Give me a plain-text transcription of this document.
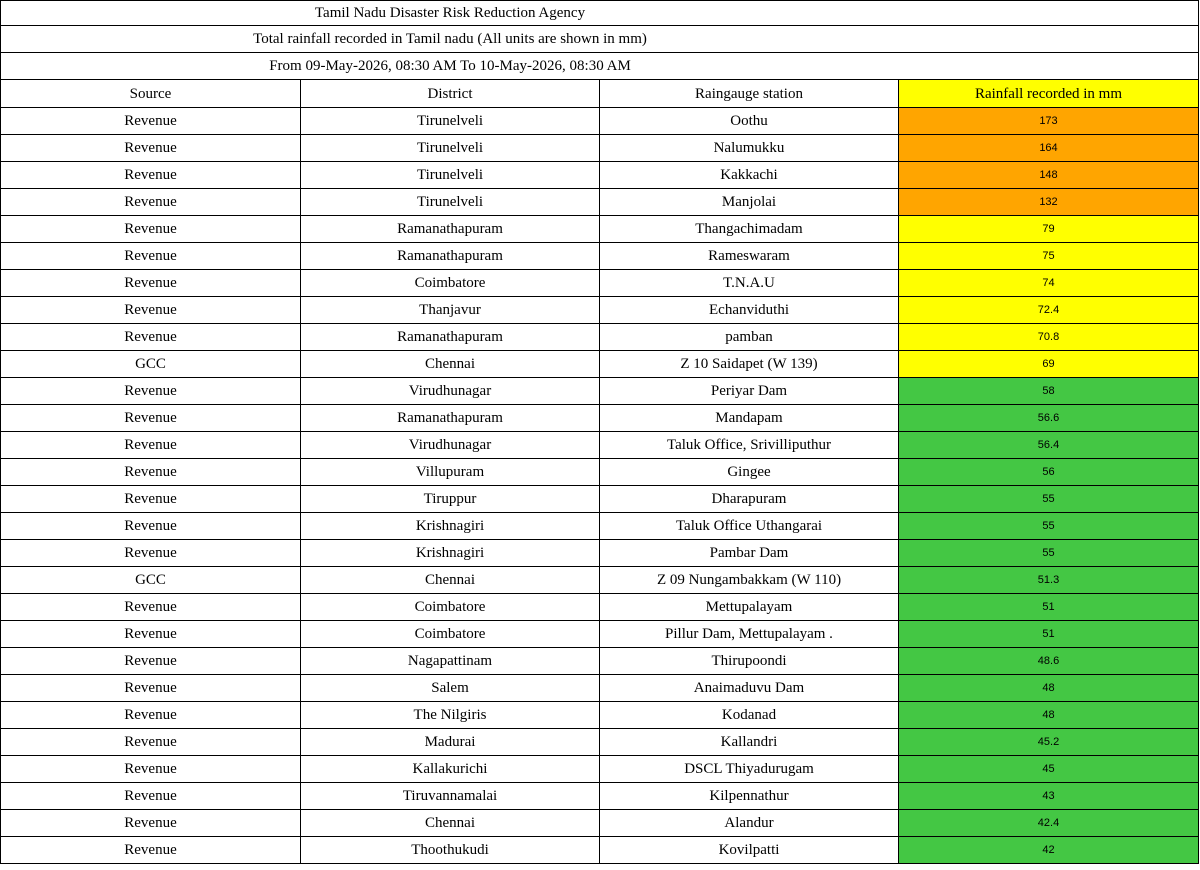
Tamil Nadu Disaster Risk Reduction Agency
Total rainfall recorded in Tamil nadu (All units are shown in mm)
From 09-May-2026, 08:30 AM To 10-May-2026, 08:30 AM
Source	District	Raingauge station	Rainfall recorded in mm
Revenue	Tirunelveli	Oothu	173
Revenue	Tirunelveli	Nalumukku	164
Revenue	Tirunelveli	Kakkachi	148
Revenue	Tirunelveli	Manjolai	132
Revenue	Ramanathapuram	Thangachimadam	79
Revenue	Ramanathapuram	Rameswaram	75
Revenue	Coimbatore	T.N.A.U	74
Revenue	Thanjavur	Echanviduthi	72.4
Revenue	Ramanathapuram	pamban	70.8
GCC	Chennai	Z 10 Saidapet (W 139)	69
Revenue	Virudhunagar	Periyar Dam	58
Revenue	Ramanathapuram	Mandapam	56.6
Revenue	Virudhunagar	Taluk Office, Srivilliputhur	56.4
Revenue	Villupuram	Gingee	56
Revenue	Tiruppur	Dharapuram	55
Revenue	Krishnagiri	Taluk Office Uthangarai	55
Revenue	Krishnagiri	Pambar Dam	55
GCC	Chennai	Z 09 Nungambakkam (W 110)	51.3
Revenue	Coimbatore	Mettupalayam	51
Revenue	Coimbatore	Pillur Dam, Mettupalayam .	51
Revenue	Nagapattinam	Thirupoondi	48.6
Revenue	Salem	Anaimaduvu Dam	48
Revenue	The Nilgiris	Kodanad	48
Revenue	Madurai	Kallandri	45.2
Revenue	Kallakurichi	DSCL Thiyadurugam	45
Revenue	Tiruvannamalai	Kilpennathur	43
Revenue	Chennai	Alandur	42.4
Revenue	Thoothukudi	Kovilpatti	42
